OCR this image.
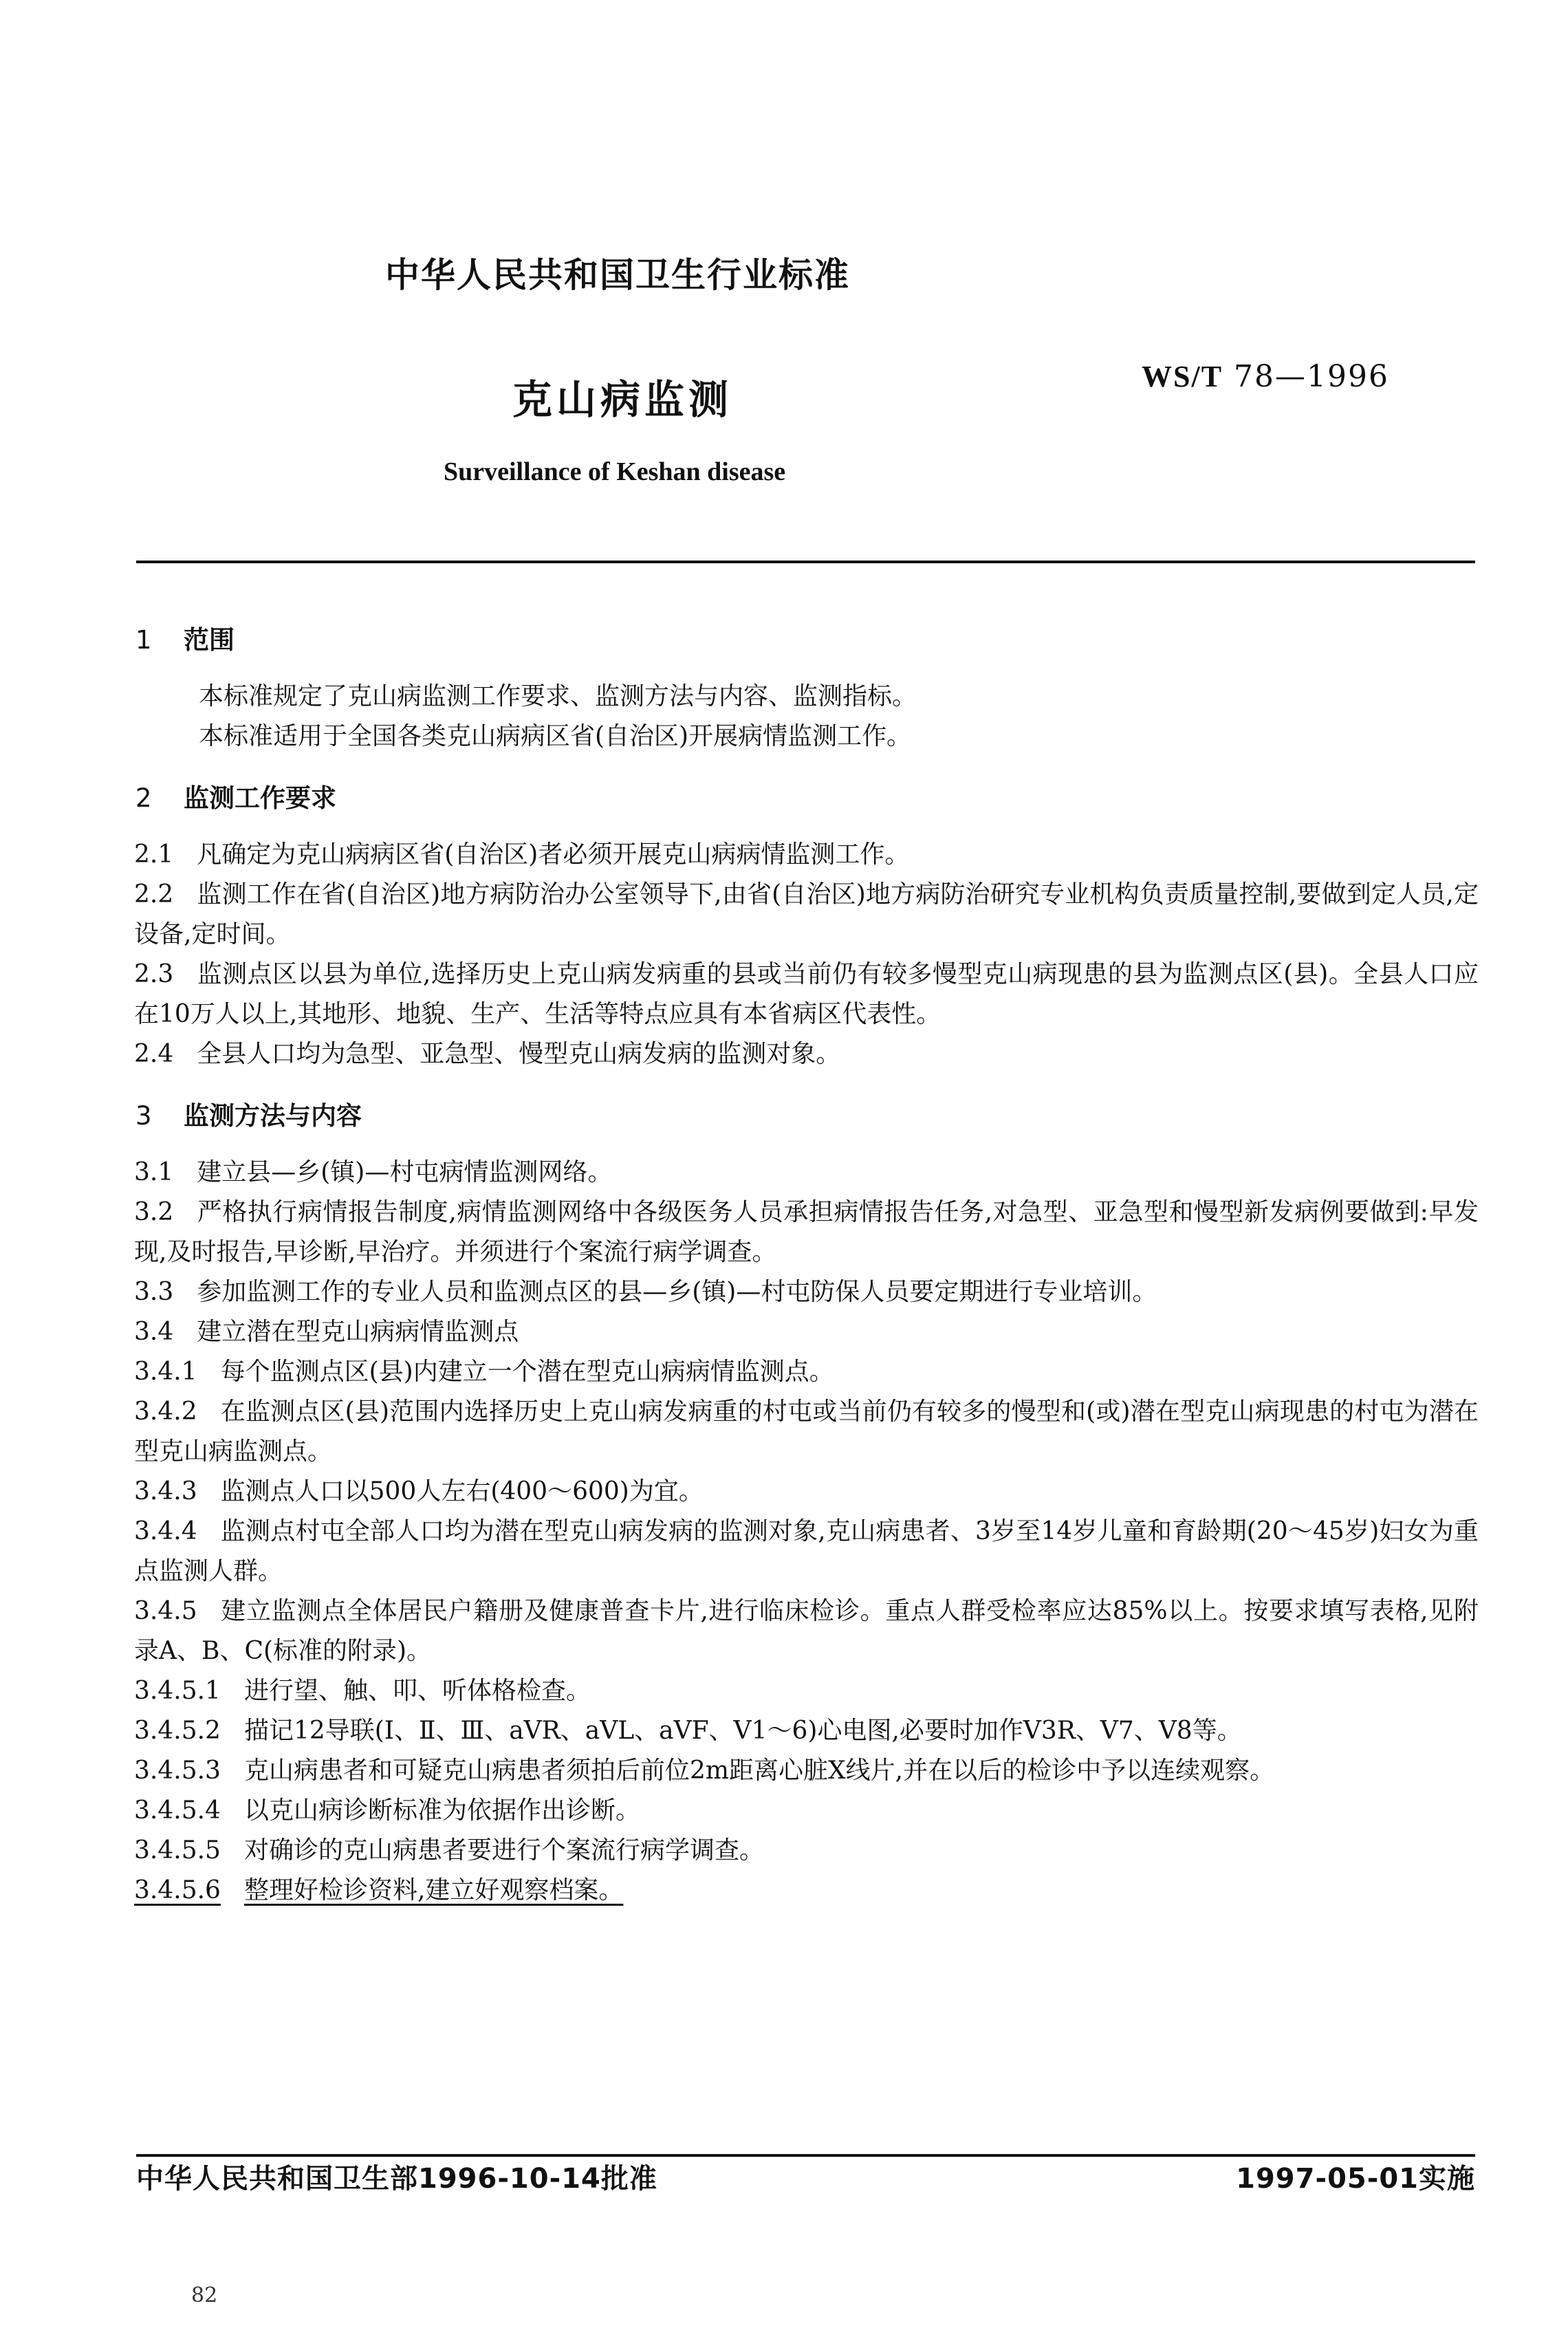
中华人民共和国卫生行业标准
克山病监测	WS/T 78—1996
Surveillance of Keshan disease
1 范围

本标准规定了克山病监测工作要求、监测方法与内容、监测指标。

本标准适用于全国各类克山病病区省(自治区)开展病情监测工作。

2 监测工作要求

2.1 凡确定为克山病病区省(自治区)者必须开展克山病病情监测工作。

2.2 监测工作在省(自治区)地方病防治办公室领导下,由省(自治区)地方病防治研究专业机构负责质量控制,要做到定人员,定设备,定时间。

2.3 监测点区以县为单位,选择历史上克山病发病重的县或当前仍有较多慢型克山病现患的县为监测点区(县)。全县人口应在10万人以上,其地形、地貌、生产、生活等特点应具有本省病区代表性。

2.4 全县人口均为急型、亚急型、慢型克山病发病的监测对象。

3 监测方法与内容

3.1 建立县—乡(镇)—村屯病情监测网络。

3.2 严格执行病情报告制度,病情监测网络中各级医务人员承担病情报告任务,对急型、亚急型和慢型新发病例要做到:早发现,及时报告,早诊断,早治疗。并须进行个案流行病学调查。

3.3 参加监测工作的专业人员和监测点区的县—乡(镇)—村屯防保人员要定期进行专业培训。

3.4 建立潜在型克山病病情监测点

3.4.1 每个监测点区(县)内建立一个潜在型克山病病情监测点。

3.4.2 在监测点区(县)范围内选择历史上克山病发病重的村屯或当前仍有较多的慢型和(或)潜在型克山病现患的村屯为潜在型克山病监测点。

3.4.3 监测点人口以500人左右(400～600)为宜。

3.4.4 监测点村屯全部人口均为潜在型克山病发病的监测对象,克山病患者、3岁至14岁儿童和育龄期(20～45岁)妇女为重点监测人群。

3.4.5 建立监测点全体居民户籍册及健康普查卡片,进行临床检诊。重点人群受检率应达85%以上。按要求填写表格,见附录A、B、C(标准的附录)。

3.4.5.1 进行望、触、叩、听体格检查。

3.4.5.2 描记12导联(Ⅰ、Ⅱ、Ⅲ、aVR、aVL、aVF、V1～6)心电图,必要时加作V3R、V7、V8等。

3.4.5.3 克山病患者和可疑克山病患者须拍后前位2m距离心脏X线片,并在以后的检诊中予以连续观察。

3.4.5.4 以克山病诊断标准为依据作出诊断。

3.4.5.5 对确诊的克山病患者要进行个案流行病学调查。

3.4.5.6 整理好检诊资料,建立好观察档案。

中华人民共和国卫生部1996-10-14批准	1997-05-01实施
82
